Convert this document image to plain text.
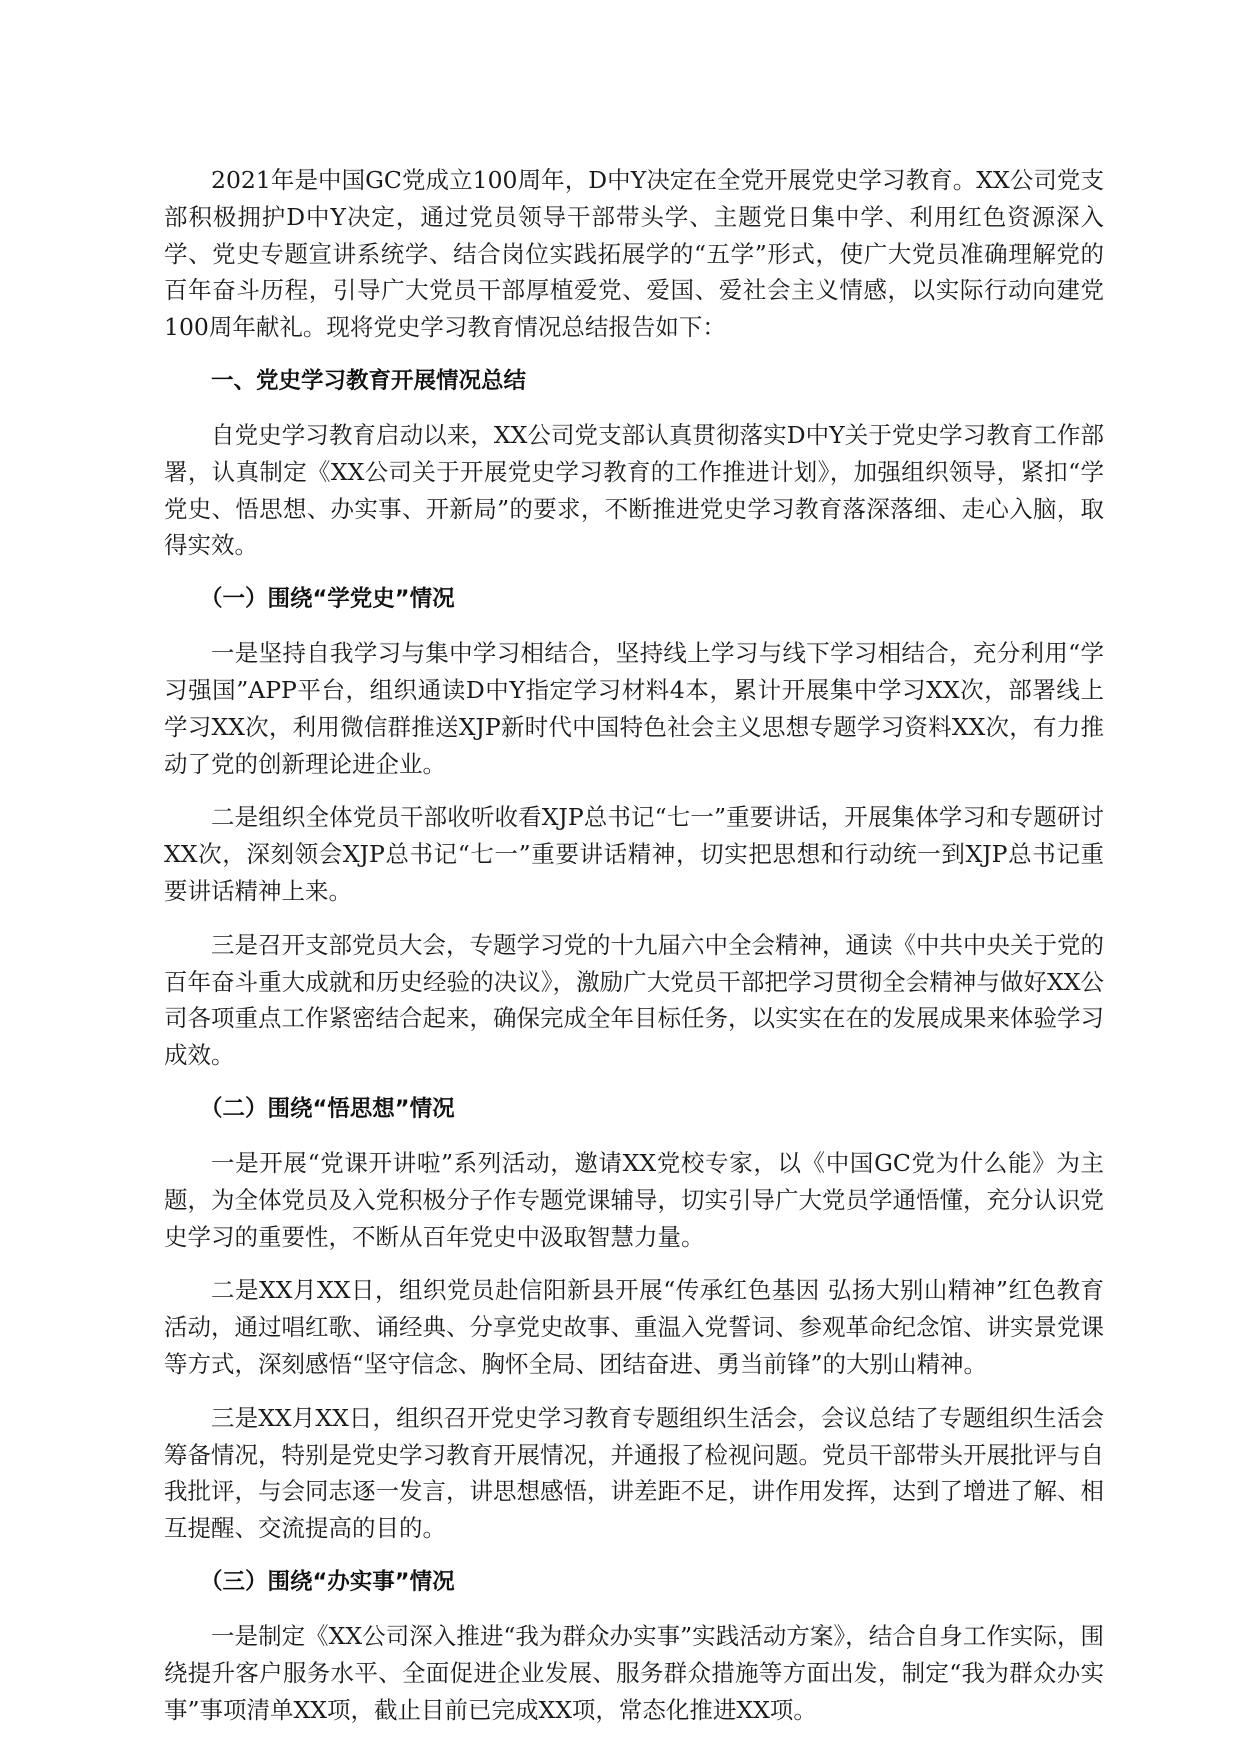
2021年是中国GC党成立100周年，D中Y决定在全党开展党史学习教育。XX公司党支部积极拥护D中Y决定，通过党员领导干部带头学、主题党日集中学、利用红色资源深入学、党史专题宣讲系统学、结合岗位实践拓展学的“五学”形式，使广大党员准确理解党的百年奋斗历程，引导广大党员干部厚植爱党、爱国、爱社会主义情感，以实际行动向建党100周年献礼。现将党史学习教育情况总结报告如下：

一、党史学习教育开展情况总结

自党史学习教育启动以来，XX公司党支部认真贯彻落实D中Y关于党史学习教育工作部署，认真制定《XX公司关于开展党史学习教育的工作推进计划》，加强组织领导，紧扣“学党史、悟思想、办实事、开新局”的要求，不断推进党史学习教育落深落细、走心入脑，取得实效。

（一）围绕“学党史”情况

一是坚持自我学习与集中学习相结合，坚持线上学习与线下学习相结合，充分利用“学习强国”APP平台，组织通读D中Y指定学习材料4本，累计开展集中学习XX次，部署线上学习XX次，利用微信群推送XJP新时代中国特色社会主义思想专题学习资料XX次，有力推动了党的创新理论进企业。

二是组织全体党员干部收听收看XJP总书记“七一”重要讲话，开展集体学习和专题研讨XX次，深刻领会XJP总书记“七一”重要讲话精神，切实把思想和行动统一到XJP总书记重要讲话精神上来。

三是召开支部党员大会，专题学习党的十九届六中全会精神，通读《中共中央关于党的百年奋斗重大成就和历史经验的决议》，激励广大党员干部把学习贯彻全会精神与做好XX公司各项重点工作紧密结合起来，确保完成全年目标任务，以实实在在的发展成果来体验学习成效。

（二）围绕“悟思想”情况

一是开展“党课开讲啦”系列活动，邀请XX党校专家，以《中国GC党为什么能》为主题，为全体党员及入党积极分子作专题党课辅导，切实引导广大党员学通悟懂，充分认识党史学习的重要性，不断从百年党史中汲取智慧力量。

二是XX月XX日，组织党员赴信阳新县开展“传承红色基因 弘扬大别山精神”红色教育活动，通过唱红歌、诵经典、分享党史故事、重温入党誓词、参观革命纪念馆、讲实景党课等方式，深刻感悟“坚守信念、胸怀全局、团结奋进、勇当前锋”的大别山精神。

三是XX月XX日，组织召开党史学习教育专题组织生活会，会议总结了专题组织生活会筹备情况，特别是党史学习教育开展情况，并通报了检视问题。党员干部带头开展批评与自我批评，与会同志逐一发言，讲思想感悟，讲差距不足，讲作用发挥，达到了增进了解、相互提醒、交流提高的目的。

（三）围绕“办实事”情况

一是制定《XX公司深入推进“我为群众办实事”实践活动方案》，结合自身工作实际，围绕提升客户服务水平、全面促进企业发展、服务群众措施等方面出发，制定“我为群众办实事”事项清单XX项，截止目前已完成XX项，常态化推进XX项。
